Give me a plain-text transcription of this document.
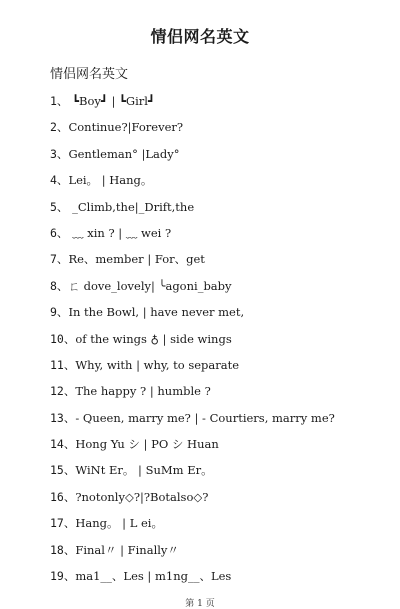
情侣网名英文
情侣网名英文
1、 ┗Boy┛ | ┗Girl┛
2、Continue?|Forever?
3、Gentleman° |Lady°
4、Lei。 | Hang。
5、 _Climb,the|_Drift,the
6、 ﹏ xin ? | ﹏ wei ?
7、Re、member | For、get
8、ㄈ dove_lovely| ╰agoni_baby
9、In the Bowl, | have never met,
10、of the wings ♁ | side wings
11、Why, with | why, to separate
12、The happy ? | humble ?
13、- Queen, marry me? | - Courtiers, marry me?
14、Hong Yu シ | PO シ Huan
15、WiNt Er。 | SuMm Er。
16、?notonly◇?|?Botalso◇?
17、Hang。 | L ei。
18、Final〃 | Finally〃
19、ma1__、Les | m1ng__、Les
第 1 页
